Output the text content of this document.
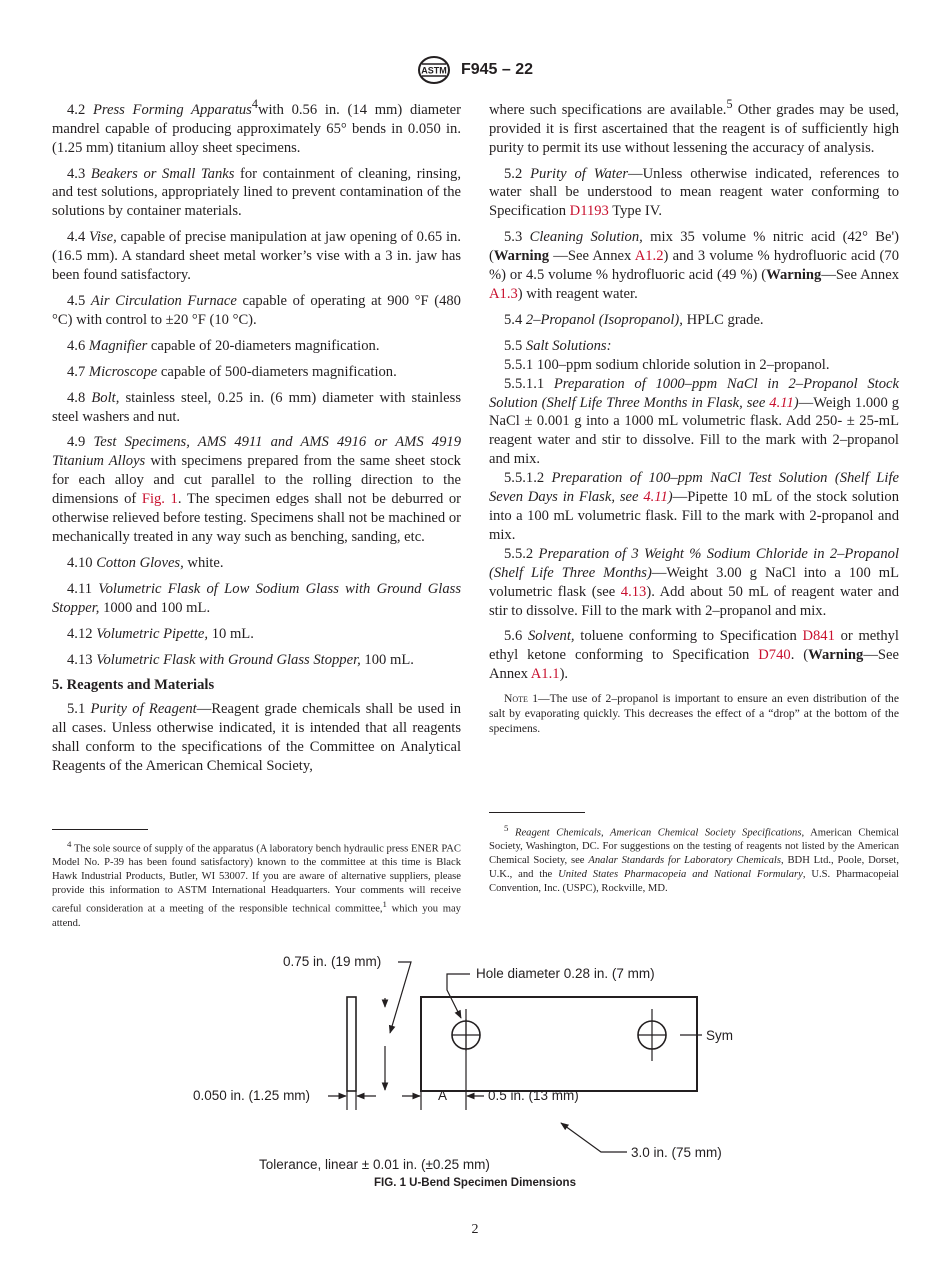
ASTM F945 – 22

4.2 Press Forming Apparatus$^4$with 0.56 in. (14 mm) diameter mandrel capable of producing approximately 65° bends in 0.050 in. (1.25 mm) titanium alloy sheet specimens.

4.3 Beakers or Small Tanks for containment of cleaning, rinsing, and test solutions, appropriately lined to prevent contamination of the solutions by container materials.

4.4 Vise, capable of precise manipulation at jaw opening of 0.65 in. (16.5 mm). A standard sheet metal worker’s vise with a 3 in. jaw has been found satisfactory.

4.5 Air Circulation Furnace capable of operating at 900 °F (480 °C) with control to ±20 °F (10 °C).

4.6 Magnifier capable of 20-diameters magnification.

4.7 Microscope capable of 500-diameters magnification.

4.8 Bolt, stainless steel, 0.25 in. (6 mm) diameter with stainless steel washers and nut.

4.9 Test Specimens, AMS 4911 and AMS 4916 or AMS 4919 Titanium Alloys with specimens prepared from the same sheet stock for each alloy and cut parallel to the rolling direction to the dimensions of Fig. 1. The specimen edges shall not be deburred or otherwise relieved before testing. Specimens shall not be machined or mechanically treated in any way such as benching, sanding, etc.

4.10 Cotton Gloves, white.

4.11 Volumetric Flask of Low Sodium Glass with Ground Glass Stopper, 1000 and 100 mL.

4.12 Volumetric Pipette, 10 mL.

4.13 Volumetric Flask with Ground Glass Stopper, 100 mL.

5. Reagents and Materials

5.1 Purity of Reagent—Reagent grade chemicals shall be used in all cases. Unless otherwise indicated, it is intended that all reagents shall conform to the specifications of the Committee on Analytical Reagents of the American Chemical Society,

where such specifications are available.$^5$ Other grades may be used, provided it is first ascertained that the reagent is of sufficiently high purity to permit its use without lessening the accuracy of analysis.

5.2 Purity of Water—Unless otherwise indicated, references to water shall be understood to mean reagent water conforming to Specification D1193 Type IV.

5.3 Cleaning Solution, mix 35 volume % nitric acid (42° Be') (Warning —See Annex A1.2) and 3 volume % hydrofluoric acid (70 %) or 4.5 volume % hydrofluoric acid (49 %) (Warning—See Annex A1.3) with reagent water.

5.4 2–Propanol (Isopropanol), HPLC grade.

5.5 Salt Solutions:

5.5.1 100–ppm sodium chloride solution in 2–propanol.

5.5.1.1 Preparation of 1000–ppm NaCl in 2–Propanol Stock Solution (Shelf Life Three Months in Flask, see 4.11)—Weigh 1.000 g NaCl ± 0.001 g into a 1000 mL volumetric flask. Add 250- ± 25-mL reagent water and stir to dissolve. Fill to the mark with 2–propanol and mix.

5.5.1.2 Preparation of 100–ppm NaCl Test Solution (Shelf Life Seven Days in Flask, see 4.11)—Pipette 10 mL of the stock solution into a 100 mL volumetric flask. Fill to the mark with 2-propanol and mix.

5.5.2 Preparation of 3 Weight % Sodium Chloride in 2–Propanol (Shelf Life Three Months)—Weight 3.00 g NaCl into a 100 mL volumetric flask (see 4.13). Add about 50 mL of reagent water and stir to dissolve. Fill to the mark with 2–propanol and mix.

5.6 Solvent, toluene conforming to Specification D841 or methyl ethyl ketone conforming to Specification D740. (Warning—See Annex A1.1).

Note 1—The use of 2–propanol is important to ensure an even distribution of the salt by evaporating quickly. This decreases the effect of a “drop” at the bottom of the specimens.

$^4$ The sole source of supply of the apparatus (A laboratory bench hydraulic press ENER PAC Model No. P-39 has been found satisfactory) known to the committee at this time is Black Hawk Industrial Products, Butler, WI 53007. If you are aware of alternative suppliers, please provide this information to ASTM International Headquarters. Your comments will receive careful consideration at a meeting of the responsible technical committee,$^1$ which you may attend.

$^5$ Reagent Chemicals, American Chemical Society Specifications, American Chemical Society, Washington, DC. For suggestions on the testing of reagents not listed by the American Chemical Society, see Analar Standards for Laboratory Chemicals, BDH Ltd., Poole, Dorset, U.K., and the United States Pharmacopeia and National Formulary, U.S. Pharmacopeial Convention, Inc. (USPC), Rockville, MD.

0.75 in. (19 mm)
Hole diameter 0.28 in. (7 mm)
Sym
0.050 in. (1.25 mm)	A	0.5 in. (13 mm)
3.0 in. (75 mm)
Tolerance, linear ± 0.01 in. (±0.25 mm)
FIG. 1 U-Bend Specimen Dimensions
2
